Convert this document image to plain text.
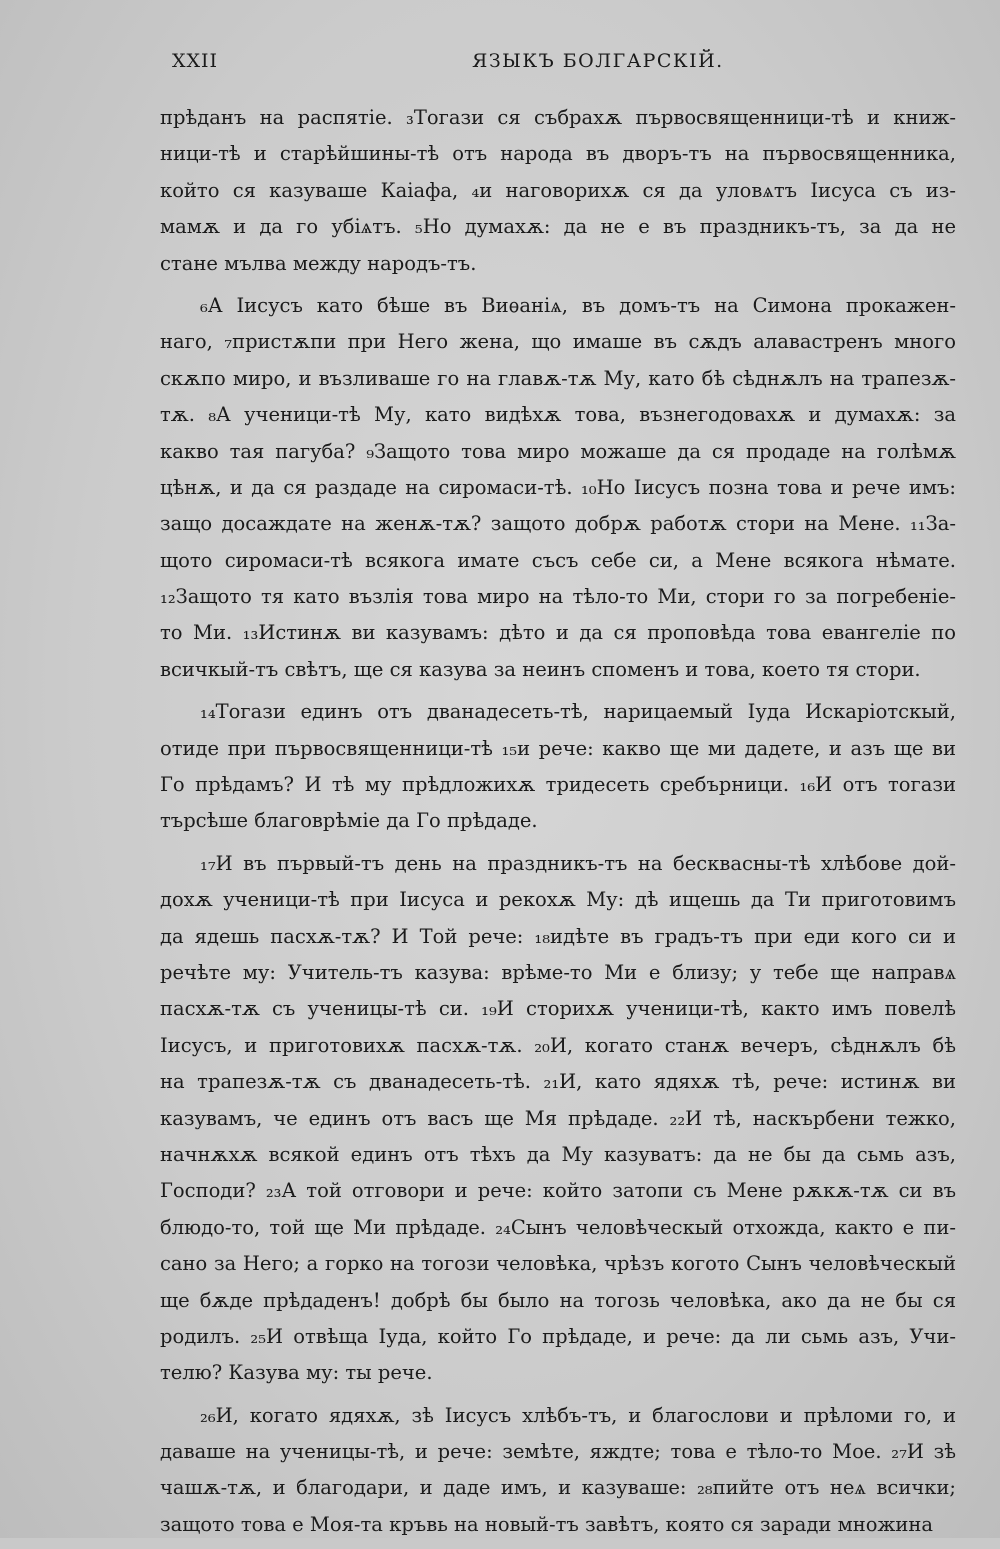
XXII	ЯЗЫКЪ БОЛГАРСКІЙ.
прѣданъ на распятіе. ₃Тогази ся събрахѫ първосвященници-тѣ и книж-
ници-тѣ и старѣйшины-тѣ отъ народа въ дворъ-тъ на първосвященника,
който ся казуваше Каіафа, ₄и наговорихѫ ся да уловѧтъ Іисуса съ из-
мамѫ и да го убіѧтъ. ₅Но думахѫ: да не е въ праздникъ-тъ, за да не
стане мълва между народъ-тъ.
₆А Іисусъ като бѣше въ Виѳаніѧ, въ домъ-тъ на Симона прокажен-
наго, ₇пристѫпи при Него жена, що имаше въ сѫдъ алавастренъ много
скѫпо миро, и възливаше го на главѫ-тѫ Му, като бѣ сѣднѫлъ на трапезѫ-
тѫ. ₈А ученици-тѣ Му, като видѣхѫ това, възнегодовахѫ и думахѫ: за
какво тая пагуба? ₉Защото това миро можаше да ся продаде на голѣмѫ
цѣнѫ, и да ся раздаде на сиромаси-тѣ. ₁₀Но Іисусъ позна това и рече имъ:
защо досаждате на женѫ-тѫ? защото добрѫ работѫ стори на Мене. ₁₁За-
щото сиромаси-тѣ всякога имате съсъ себе си, а Мене всякога нѣмате.
₁₂Защото тя като възлія това миро на тѣло-то Ми, стори го за погребеніе-
то Ми. ₁₃Истинѫ ви казувамъ: дѣто и да ся проповѣда това евангеліе по
всичкый-тъ свѣтъ, ще ся казува за неинъ споменъ и това, което тя стори.
₁₄Тогази единъ отъ дванадесеть-тѣ, нарицаемый Іуда Искаріотскый,
отиде при първосвященници-тѣ ₁₅и рече: какво ще ми дадете, и азъ ще ви
Го прѣдамъ? И тѣ му прѣдложихѫ тридесеть сребърници. ₁₆И отъ тогази
търсѣше благоврѣміе да Го прѣдаде.
₁₇И въ първый-тъ день на праздникъ-тъ на бесквасны-тѣ хлѣбове дой-
дохѫ ученици-тѣ при Іисуса и рекохѫ Му: дѣ ищешь да Ти приготовимъ
да ядешь пасхѫ-тѫ? И Той рече: ₁₈идѣте въ градъ-тъ при еди кого си и
речѣте му: Учитель-тъ казува: врѣме-то Ми е близу; у тебе ще направѧ
пасхѫ-тѫ съ ученицы-тѣ си. ₁₉И сторихѫ ученици-тѣ, както имъ повелѣ
Іисусъ, и приготовихѫ пасхѫ-тѫ. ₂₀И, когато станѫ вечеръ, сѣднѫлъ бѣ
на трапезѫ-тѫ съ дванадесеть-тѣ. ₂₁И, като ядяхѫ тѣ, рече: истинѫ ви
казувамъ, че единъ отъ васъ ще Мя прѣдаде. ₂₂И тѣ, наскърбени тежко,
начнѫхѫ всякой единъ отъ тѣхъ да Му казуватъ: да не бы да сьмь азъ,
Господи? ₂₃А той отговори и рече: който затопи съ Мене рѫкѫ-тѫ си въ
блюдо-то, той ще Ми прѣдаде. ₂₄Сынъ человѣческый отхожда, както е пи-
сано за Него; а горко на тогози человѣка, чрѣзъ когото Сынъ человѣческый
ще бѫде прѣдаденъ! добрѣ бы было на тогозь человѣка, ако да не бы ся
родилъ. ₂₅И отвѣща Іуда, който Го прѣдаде, и рече: да ли сьмь азъ, Учи-
телю? Казува му: ты рече.
₂₆И, когато ядяхѫ, зѣ Іисусъ хлѣбъ-тъ, и благослови и прѣломи го, и
даваше на ученицы-тѣ, и рече: земѣте, яждте; това е тѣло-то Мое. ₂₇И зѣ
чашѫ-тѫ, и благодари, и даде имъ, и казуваше: ₂₈пийте отъ неѧ всички;
защото това е Моя-та кръвь на новый-тъ завѣтъ, която ся заради множина
